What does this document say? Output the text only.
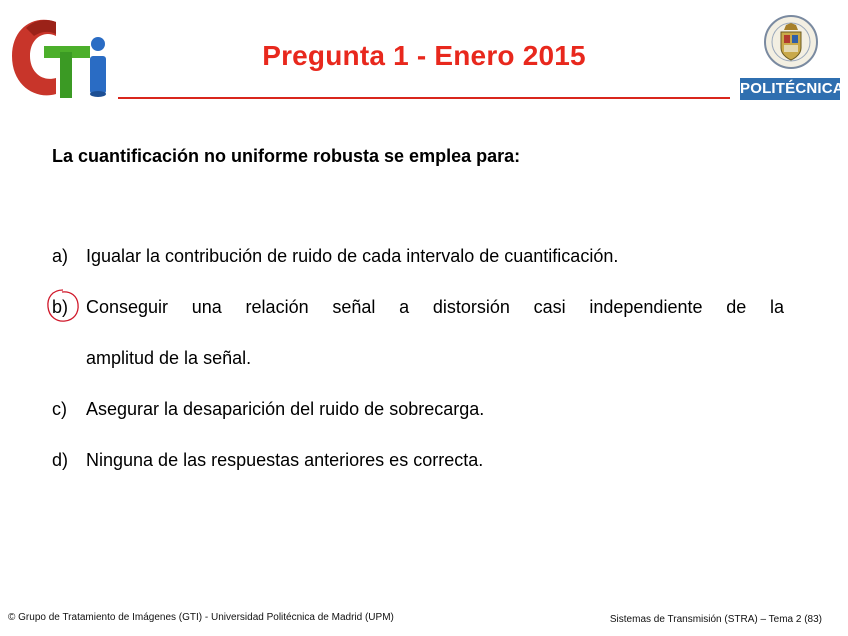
Pregunta 1 - Enero 2015
POLITÉCNICA
La cuantificación no uniforme robusta se emplea para:
a) Igualar la contribución de ruido de cada intervalo de cuantificación.
b) Conseguir una relación señal a distorsión casi independiente de la
amplitud de la señal.
c)	Asegurar la desaparición del ruido de sobrecarga.
d) Ninguna de las respuestas anteriores es correcta.
© Grupo de Tratamiento de Imágenes (GTI) - Universidad Politécnica de Madrid (UPM)	Sistemas de Transmisión (STRA) – Tema 2 (83)
